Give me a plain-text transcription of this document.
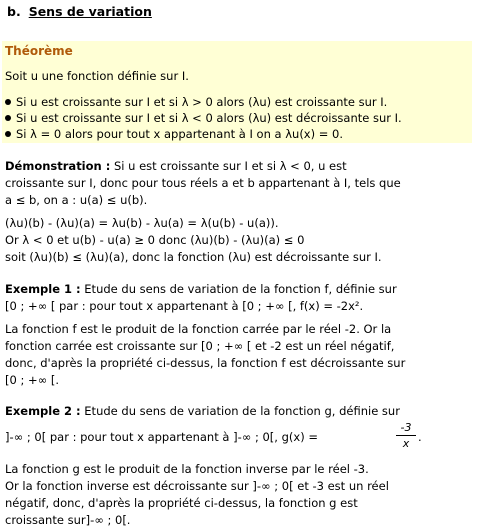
b. Sens de variation
Théorème
Soit u une fonction définie sur I.
Si u est croissante sur I et si λ > 0 alors (λu) est croissante sur I.
Si u est croissante sur I et si λ < 0 alors (λu) est décroissante sur I.
Si λ = 0 alors pour tout x appartenant à I on a λu(x) = 0.
Démonstration : Si u est croissante sur I et si λ < 0, u est
croissante sur I, donc pour tous réels a et b appartenant à I, tels que
a ≤ b, on a : u(a) ≤ u(b).
(λu)(b) - (λu)(a) = λu(b) - λu(a) = λ(u(b) - u(a)).
Or λ < 0 et u(b) - u(a) ≥ 0 donc (λu)(b) - (λu)(a) ≤ 0
soit (λu)(b) ≤ (λu)(a), donc la fonction (λu) est décroissante sur I.
Exemple 1 : Etude du sens de variation de la fonction f, définie sur
[0 ; +∞ [ par : pour tout x appartenant à [0 ; +∞ [, f(x) = -2x².
La fonction f est le produit de la fonction carrée par le réel -2. Or la
fonction carrée est croissante sur [0 ; +∞ [ et -2 est un réel négatif,
donc, d'après la propriété ci-dessus, la fonction f est décroissante sur
[0 ; +∞ [.
Exemple 2 : Etude du sens de variation de la fonction g, définie sur
]-∞ ; 0[ par : pour tout x appartenant à ]-∞ ; 0[, g(x) =
-3
x .
La fonction g est le produit de la fonction inverse par le réel -3.
Or la fonction inverse est décroissante sur ]-∞ ; 0[ et -3 est un réel
négatif, donc, d'après la propriété ci-dessus, la fonction g est
croissante sur]-∞ ; 0[.
